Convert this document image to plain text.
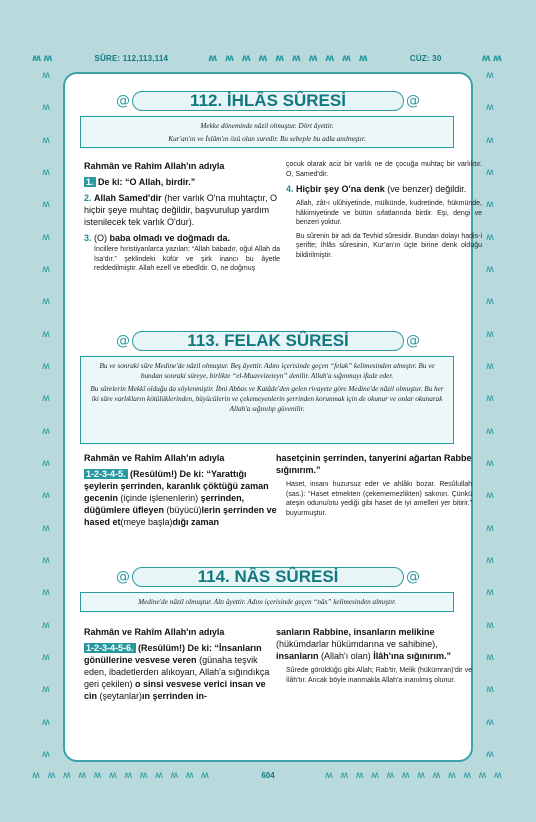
ʍʍ	SÛRE: 112,113,114	ʍ ʍ ʍ ʍ ʍ ʍ ʍ ʍ ʍ ʍ	CÜZ: 30	ʍʍ
ʍ
ʍ
ʍ
ʍ
ʍ
ʍ
ʍ
ʍ
ʍ
ʍ
ʍ
ʍ
ʍ
ʍ
ʍ
ʍ
ʍ
ʍ
ʍ
ʍ
ʍ
ʍ
ʍ
ʍ
ʍ
ʍ
ʍ
ʍ
ʍ
ʍ
ʍ
ʍ
ʍ
ʍ
ʍ
ʍ
ʍ
ʍ
ʍ
ʍ
ʍ
ʍ
ʍ
ʍ
@	@
112. İHLÂS SÛRESİ

Mekke döneminde nâzil olmuştur. Dört âyettir.

Kur'an'ın ve İslâm'ın özü olan suredir. Bu sebeple bu adla anılmıştır.

Rahmân ve Rahîm Allah'ın adıyla

1. De ki: “O Allah, birdir.”

2. Allah Samed'dir (her varlık O'na muhtaçtır, O hiçbir şeye muhtaç değildir, başvurulup yardım istenilecek tek varlık O'dur).

3. (O) baba olmadı ve doğmadı da.

İncillere hıristiyanlarca yazılan: “Allah babadır, oğul Allah da İsa'dır.” şeklindeki küfür ve şirk inancı bu âyetle reddedilmiştir. Allah ezelî ve ebedîdir. O, ne doğmuş

çocuk olarak aciz bir varlık ne de çocuğa muhtaç bir varlıktır. O, Samed'dir.

4. Hiçbir şey O'na denk (ve benzer) değildir.

Allah, zât-ı ulûhiyetinde, mülkünde, kudretinde, hükmünde, hâkimiyetinde ve bütün sıfatlarında birdir. Eşi, dengi ve benzeri yoktur.

Bu sûrenin bir adı da Tevhid sûresidir. Bundan dolayı hadis-i şerifte; İhlâs sûresinin, Kur'an'ın üçte birine denk olduğu bildirilmiştir.

@	@
113. FELAK SÛRESİ

Bu ve sonraki sûre Medine'de nâzil olmuştur. Beş âyettir. Adını içerisinde geçen “felak” kelimesinden almıştır. Bu ve bundan sonraki süreye, birlikte “el-Muavvizeteyn” denilir. Allah'a sığınmayı ifade eder.

Bu sûrelerin Mekkî olduğu da söylenmiştir. İbni Abbas ve Katâde'den gelen rivayete göre Medine'de nâzil olmuştur. Bu her iki sûre varlıkların kötülüklerinden, büyücülerin ve çekemeyenlerin şerrinden korunmak için de okunur ve onlar okunarak Allah'a sığınılıp güvenilir.

Rahmân ve Rahîm Allah'ın adıyla

1-2-3-4-5. (Resûlüm!) De ki: “Yarattığı şeylerin şerrinden, karanlık çöktüğü zaman gecenin (içinde işlenenlerin) şerrinden, düğümlere üfleyen (büyücü)lerin şerrinden ve hased et(meye başla)dığı zaman

hasetçinin şerrinden, tanyerini ağartan Rabbe sığınırım.”

Haset, insanı huzursuz eder ve ahlâkı bozar. Resûlullah (sas.): “Haset etmekten (çekememezlikten) sakının. Çünkü ateşin odunu/otu yediği gibi haset de iyi amelleri yer bitirir.” buyurmuştur.

@	@
114. NÂS SÛRESİ

Medine'de nâzil olmuştur. Altı âyettir. Adını içerisinde geçen “nâs” kelimesinden almıştır.

Rahmân ve Rahîm Allah'ın adıyla

1-2-3-4-5-6. (Resûlüm!) De ki: “İnsanların gönüllerine vesvese veren (günaha teşvik eden, ibadetlerden alıkoyan, Allah'a sığındıkça geri çekilen) o sinsi vesvese verici insan ve cin (şeytanlar)ın şerrinden in-

sanların Rabbine, insanların melikine (hükümdarlar hükümdarına ve sahibine), insanların (Allah'ı olan) İlâh'ına sığınırım.”

Sûrede görüldüğü gibi Allah; Rab'tir, Melik (hükümran)'dir ve İlâh'tır. Ancak böyle inanmakla Allah'a inanılmış olunur.

ʍ ʍ ʍ ʍ ʍ ʍ ʍ ʍ ʍ ʍ ʍ ʍ	604	ʍ ʍ ʍ ʍ ʍ ʍ ʍ ʍ ʍ ʍ ʍ ʍ
